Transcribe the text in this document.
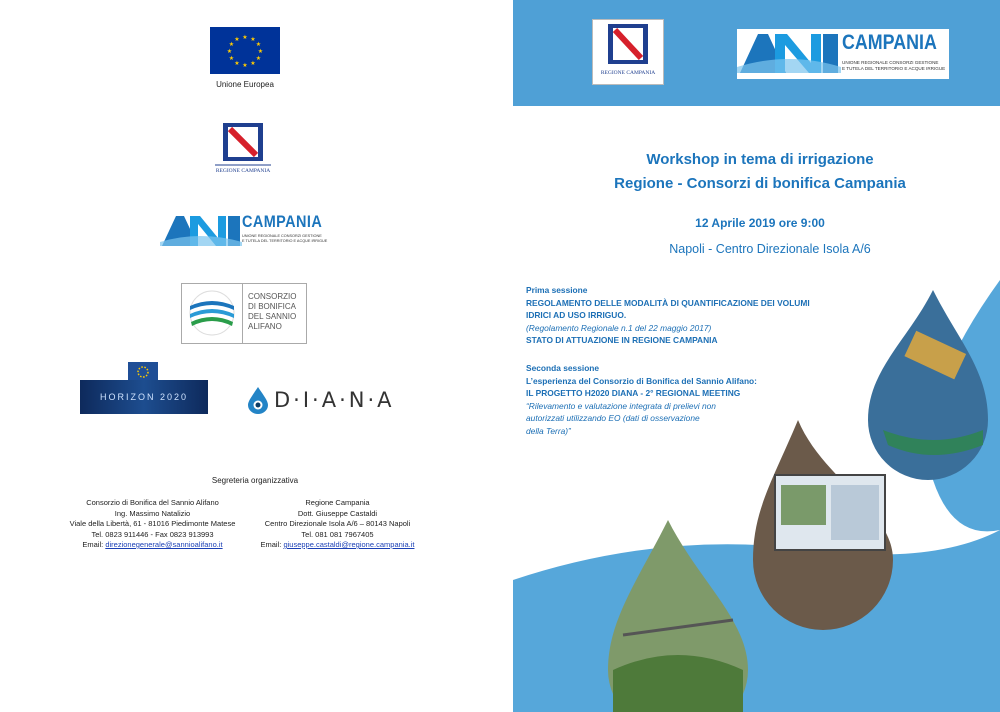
★ ★
★
★
★
★
★
★
★
★
★
★
Unione Europea
REGIONE CAMPANIA
CAMPANIA
UNIONE REGIONALE CONSORZI GESTIONE
E TUTELA DEL TERRITORIO E ACQUE IRRIGUE
CONSORZIO
DI BONIFICA
DEL SANNIO
ALIFANO
HORIZON 2020	D·I·A·N·A
Segreteria organizzativa
Consorzio di Bonifica del Sannio Alifano
Ing. Massimo Natalizio
Viale della Libertà, 61 - 81016 Piedimonte Matese
Tel. 0823 911446 - Fax 0823 913993
Email: direzionegenerale@sannioalifano.it
Regione Campania
Dott. Giuseppe Castaldi
Centro Direzionale Isola A/6 – 80143 Napoli
Tel. 081 081 7967405
Email: giuseppe.castaldi@regione.campania.it
REGIONE CAMPANIA
CAMPANIA
UNIONE REGIONALE CONSORZI GESTIONE
E TUTELA DEL TERRITORIO E ACQUE IRRIGUE
Workshop in tema di irrigazione
Regione - Consorzi di bonifica Campania
12 Aprile 2019 ore 9:00
Napoli - Centro Direzionale Isola A/6
Prima sessione
REGOLAMENTO DELLE MODALITÀ DI QUANTIFICAZIONE DEI VOLUMI
IDRICI AD USO IRRIGUO.
(Regolamento Regionale n.1 del 22 maggio 2017)
STATO DI ATTUAZIONE IN REGIONE CAMPANIA
Seconda sessione
L’esperienza del Consorzio di Bonifica del Sannio Alifano:
IL PROGETTO H2020 DIANA - 2° REGIONAL MEETING
“Rilevamento e valutazione integrata di prelievi non
autorizzati utilizzando EO (dati di osservazione
della Terra)”
